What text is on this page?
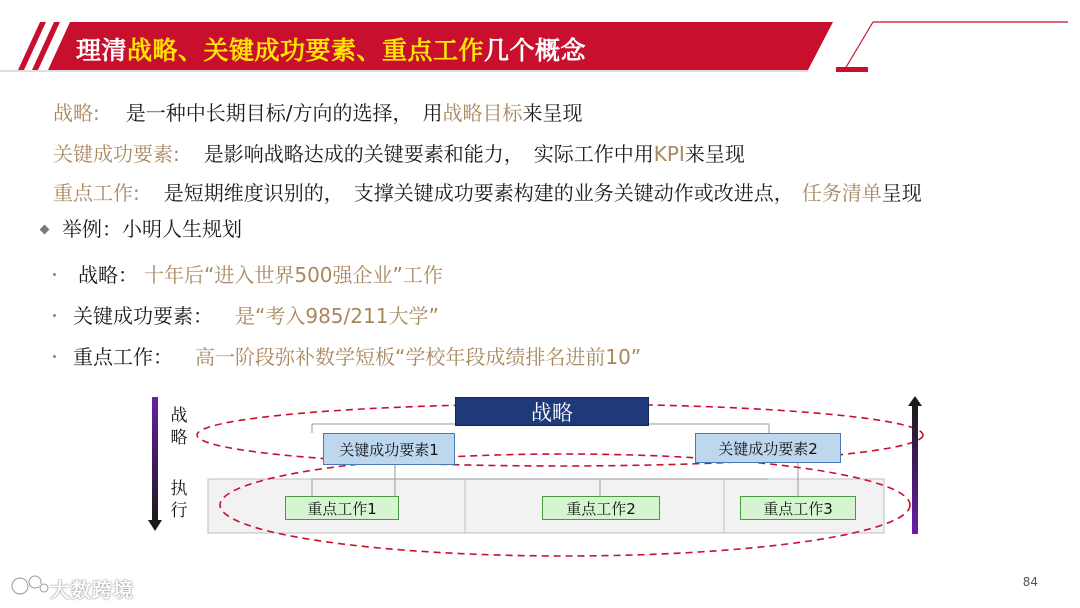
理清战略、关键成功要素、重点工作几个概念
战略: 是一种中长期目标/方向的选择， 用战略目标来呈现
关键成功要素: 是影响战略达成的关键要素和能力， 实际工作中用KPI来呈现
重点工作: 是短期维度识别的， 支撑关键成功要素构建的业务关键动作或改进点， 任务清单呈现
举例：小明人生规划
战略： 十年后“进入世界500强企业”工作
关键成功要素： 是“考入985/211大学”
重点工作： 高一阶段弥补数学短板“学校年段成绩排名进前10”
战
略
执
行
战略
关键成功要素1	关键成功要素2
重点工作1	重点工作2	重点工作3
84
大数跨境
